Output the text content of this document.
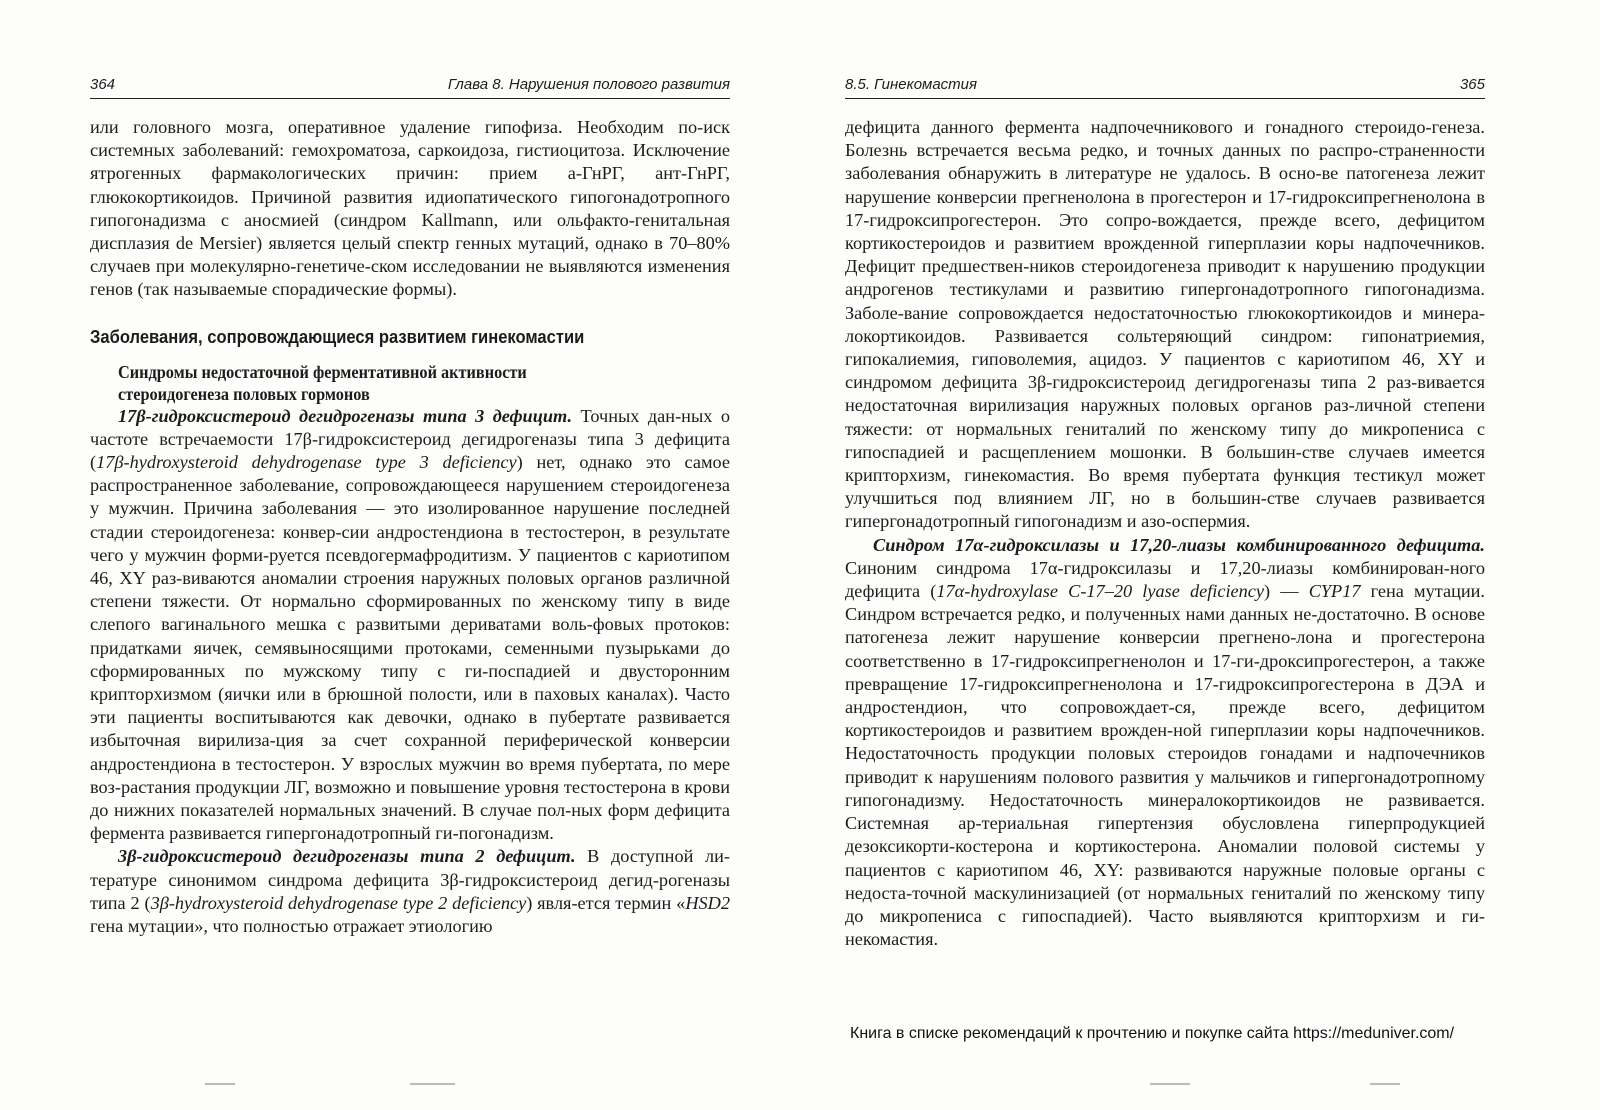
364	Глава 8. Нарушения полового развития

или головного мозга, оперативное удаление гипофиза. Необходим по-иск системных заболеваний: гемохроматоза, саркоидоза, гистиоцитоза. Исключение ятрогенных фармакологических причин: прием а-ГнРГ, ант-ГнРГ, глюкокортикоидов. Причиной развития идиопатического гипогонадотропного гипогонадизма с аносмией (синдром Kallmann, или ольфакто-генитальная дисплазия de Mersier) является целый спектр генных мутаций, однако в 70–80% случаев при молекулярно-генетиче-ском исследовании не выявляются изменения генов (так называемые спорадические формы).

Заболевания, сопровождающиеся развитием гинекомастии
Синдромы недостаточной ферментативной активности
стероидогенеза половых гормонов

17β-гидроксистероид дегидрогеназы типа 3 дефицит. Точных дан-ных о частоте встречаемости 17β-гидроксистероид дегидрогеназы типа 3 дефицита (17β-hydroxysteroid dehydrogenase type 3 deficiency) нет, однако это самое распространенное заболевание, сопровождающееся нарушением стероидогенеза у мужчин. Причина заболевания — это изолированное нарушение последней стадии стероидогенеза: конвер-сии андростендиона в тестостерон, в результате чего у мужчин форми-руется псевдогермафродитизм. У пациентов с кариотипом 46, XY раз-виваются аномалии строения наружных половых органов различной степени тяжести. От нормально сформированных по женскому типу в виде слепого вагинального мешка с развитыми дериватами воль-фовых протоков: придатками яичек, семявыносящими протоками, семенными пузырьками до сформированных по мужскому типу с ги-поспадией и двусторонним крипторхизмом (яички или в брюшной полости, или в паховых каналах). Часто эти пациенты воспитываются как девочки, однако в пубертате развивается избыточная вирилиза-ция за счет сохранной периферической конверсии андростендиона в тестостерон. У взрослых мужчин во время пубертата, по мере воз-растания продукции ЛГ, возможно и повышение уровня тестостерона в крови до нижних показателей нормальных значений. В случае пол-ных форм дефицита фермента развивается гипергонадотропный ги-погонадизм.

3β-гидроксистероид дегидрогеназы типа 2 дефицит. В доступной ли-тературе синонимом синдрома дефицита 3β-гидроксистероид дегид-рогеназы типа 2 (3β-hydroxysteroid dehydrogenase type 2 deficiency) явля-ется термин «HSD2 гена мутации», что полностью отражает этиологию

8.5. Гинекомастия	365

дефицита данного фермента надпочечникового и гонадного стероидо-генеза. Болезнь встречается весьма редко, и точных данных по распро-страненности заболевания обнаружить в литературе не удалось. В осно-ве патогенеза лежит нарушение конверсии прегненолона в прогестерон и 17-гидроксипрегненолона в 17-гидроксипрогестерон. Это сопро-вождается, прежде всего, дефицитом кортикостероидов и развитием врожденной гиперплазии коры надпочечников. Дефицит предшествен-ников стероидогенеза приводит к нарушению продукции андрогенов тестикулами и развитию гипергонадотропного гипогонадизма. Заболе-вание сопровождается недостаточностью глюкокортикоидов и минера-локортикоидов. Развивается сольтеряющий синдром: гипонатриемия, гипокалиемия, гиповолемия, ацидоз. У пациентов с кариотипом 46, XY и синдромом дефицита 3β-гидроксистероид дегидрогеназы типа 2 раз-вивается недостаточная вирилизация наружных половых органов раз-личной степени тяжести: от нормальных гениталий по женскому типу до микропениса с гипоспадией и расщеплением мошонки. В большин-стве случаев имеется крипторхизм, гинекомастия. Во время пубертата функция тестикул может улучшиться под влиянием ЛГ, но в большин-стве случаев развивается гипергонадотропный гипогонадизм и азо-оспермия.

Синдром 17α-гидроксилазы и 17,20-лиазы комбинированного дефицита. Синоним синдрома 17α-гидроксилазы и 17,20-лиазы комбинирован-ного дефицита (17α-hydroxylase C-17–20 lyase deficiency) — CYP17 гена мутации. Синдром встречается редко, и полученных нами данных не-достаточно. В основе патогенеза лежит нарушение конверсии прегнено-лона и прогестерона соответственно в 17-гидроксипрегненолон и 17-ги-дроксипрогестерон, а также превращение 17-гидроксипрегненолона и 17-гидроксипрогестерона в ДЭА и андростендион, что сопровождает-ся, прежде всего, дефицитом кортикостероидов и развитием врожден-ной гиперплазии коры надпочечников. Недостаточность продукции половых стероидов гонадами и надпочечников приводит к нарушениям полового развития у мальчиков и гипергонадотропному гипогонадизму. Недостаточность минералокортикоидов не развивается. Системная ар-териальная гипертензия обусловлена гиперпродукцией дезоксикорти-костерона и кортикостерона. Аномалии половой системы у пациентов с кариотипом 46, XY: развиваются наружные половые органы с недоста-точной маскулинизацией (от нормальных гениталий по женскому типу до микропениса с гипоспадией). Часто выявляются крипторхизм и ги-некомастия.

Книга в списке рекомендаций к прочтению и покупке сайта https://meduniver.com/
